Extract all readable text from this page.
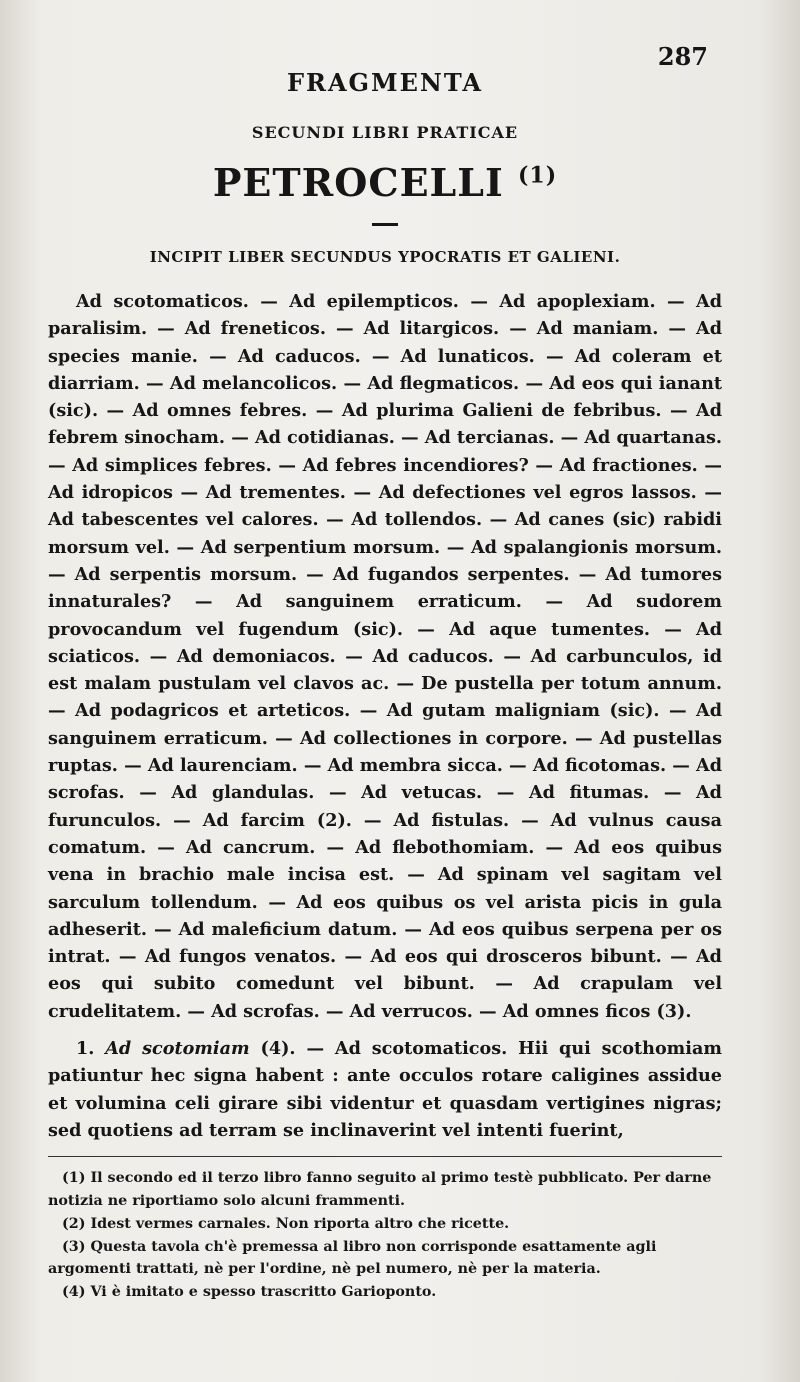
287
FRAGMENTA
SECUNDI LIBRI PRATICAE
PETROCELLI $^{(1)}$
INCIPIT LIBER SECUNDUS YPOCRATIS ET GALIENI.

Ad scotomaticos. — Ad epilempticos. — Ad apoplexiam. — Ad paralisim. — Ad freneticos. — Ad litargicos. — Ad maniam. — Ad species manie. — Ad caducos. — Ad lunaticos. — Ad coleram et diarriam. — Ad melancolicos. — Ad flegmaticos. — Ad eos qui ianant (sic). — Ad omnes febres. — Ad plurima Galieni de febribus. — Ad febrem sinocham. — Ad cotidianas. — Ad tercianas. — Ad quartanas. — Ad simplices febres. — Ad febres incendiores? — Ad fractiones. — Ad idropicos — Ad trementes. — Ad defectiones vel egros lassos. — Ad tabescentes vel calores. — Ad tollendos. — Ad canes (sic) rabidi morsum vel. — Ad serpentium morsum. — Ad spalangionis morsum. — Ad serpentis morsum. — Ad fugandos serpentes. — Ad tumores innaturales? — Ad sanguinem erraticum. — Ad sudorem provocandum vel fugendum (sic). — Ad aque tumentes. — Ad sciaticos. — Ad demoniacos. — Ad caducos. — Ad carbunculos, id est malam pustulam vel clavos ac. — De pustella per totum annum. — Ad podagricos et arteticos. — Ad gutam maligniam (sic). — Ad sanguinem erraticum. — Ad collectiones in corpore. — Ad pustellas ruptas. — Ad laurenciam. — Ad membra sicca. — Ad ficotomas. — Ad scrofas. — Ad glandulas. — Ad vetucas. — Ad fitumas. — Ad furunculos. — Ad farcim (2). — Ad fistulas. — Ad vulnus causa comatum. — Ad cancrum. — Ad flebothomiam. — Ad eos quibus vena in brachio male incisa est. — Ad spinam vel sagitam vel sarculum tollendum. — Ad eos quibus os vel arista picis in gula adheserit. — Ad maleficium datum. — Ad eos quibus serpena per os intrat. — Ad fungos venatos. — Ad eos qui drosceros bibunt. — Ad eos qui subito comedunt vel bibunt. — Ad crapulam vel crudelitatem. — Ad scrofas. — Ad verrucos. — Ad omnes ficos (3).

1. Ad scotomiam (4). — Ad scotomaticos. Hii qui scothomiam patiuntur hec signa habent : ante occulos rotare caligines assidue et volumina celi girare sibi videntur et quasdam vertigines nigras; sed quotiens ad terram se inclinaverint vel intenti fuerint,

(1) Il secondo ed il terzo libro fanno seguito al primo testè pubblicato. Per darne notizia ne riportiamo solo alcuni frammenti.
(2) Idest vermes carnales. Non riporta altro che ricette.
(3) Questa tavola ch'è premessa al libro non corrisponde esattamente agli argomenti trattati, nè per l'ordine, nè pel numero, nè per la materia.
(4) Vi è imitato e spesso trascritto Garioponto.
